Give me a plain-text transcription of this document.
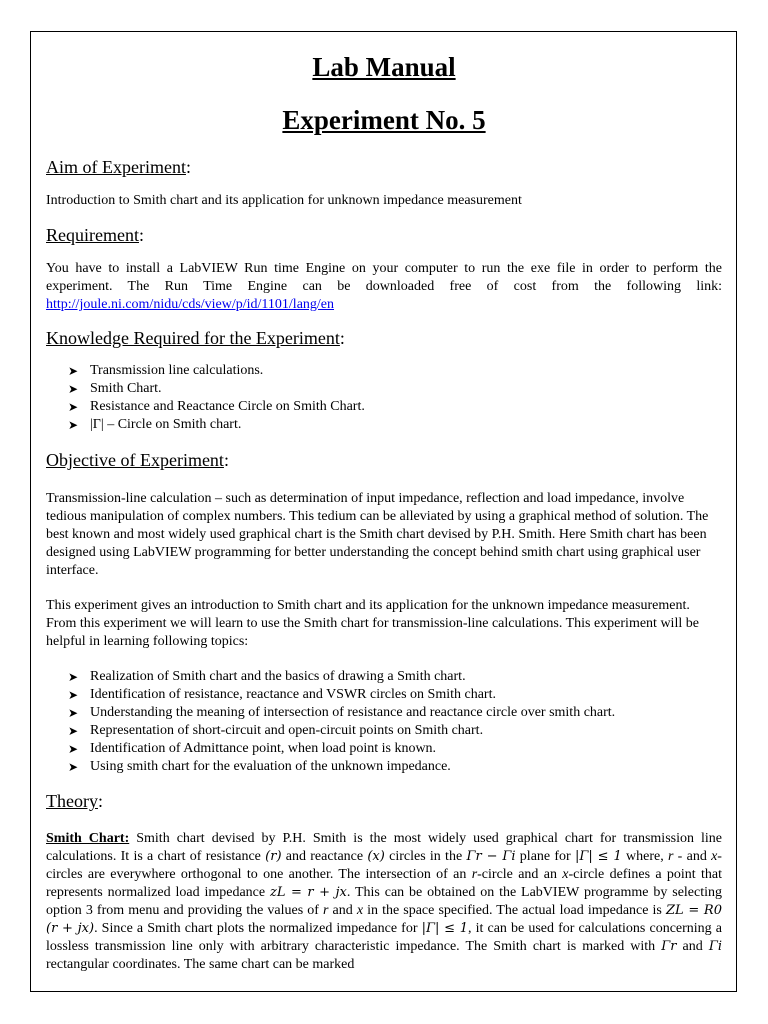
Lab Manual
Experiment No. 5
Aim of Experiment:

Introduction to Smith chart and its application for unknown impedance measurement

Requirement:

You have to install a LabVIEW Run time Engine on your computer to run the exe file in order to perform the experiment. The Run Time Engine can be downloaded free of cost from the following link: http://joule.ni.com/nidu/cds/view/p/id/1101/lang/en

Knowledge Required for the Experiment:
➤ Transmission line calculations.
➤ Smith Chart.
➤ Resistance and Reactance Circle on Smith Chart.
➤ |Γ| – Circle on Smith chart.
Objective of Experiment:

Transmission-line calculation – such as determination of input impedance, reflection and load impedance, involve tedious manipulation of complex numbers. This tedium can be alleviated by using a graphical method of solution. The best known and most widely used graphical chart is the Smith chart devised by P.H. Smith. Here Smith chart has been designed using LabVIEW programming for better understanding the concept behind smith chart using graphical user interface.

This experiment gives an introduction to Smith chart and its application for the unknown impedance measurement. From this experiment we will learn to use the Smith chart for transmission-line calculations. This experiment will be helpful in learning following topics:

➤ Realization of Smith chart and the basics of drawing a Smith chart.
➤ Identification of resistance, reactance and VSWR circles on Smith chart.
➤ Understanding the meaning of intersection of resistance and reactance circle over smith chart.
➤ Representation of short-circuit and open-circuit points on Smith chart.
➤ Identification of Admittance point, when load point is known.
➤ Using smith chart for the evaluation of the unknown impedance.
Theory:

Smith Chart: Smith chart devised by P.H. Smith is the most widely used graphical chart for transmission line calculations. It is a chart of resistance (r) and reactance (x) circles in the Γr − Γi plane for |Γ| ≤ 1 where, r - and x- circles are everywhere orthogonal to one another. The intersection of an r-circle and an x-circle defines a point that represents normalized load impedance zL = r + jx. This can be obtained on the LabVIEW programme by selecting option 3 from menu and providing the values of r and x in the space specified. The actual load impedance is ZL = R0 (r + jx). Since a Smith chart plots the normalized impedance for |Γ| ≤ 1, it can be used for calculations concerning a lossless transmission line only with arbitrary characteristic impedance. The Smith chart is marked with Γr and Γi rectangular coordinates. The same chart can be marked
